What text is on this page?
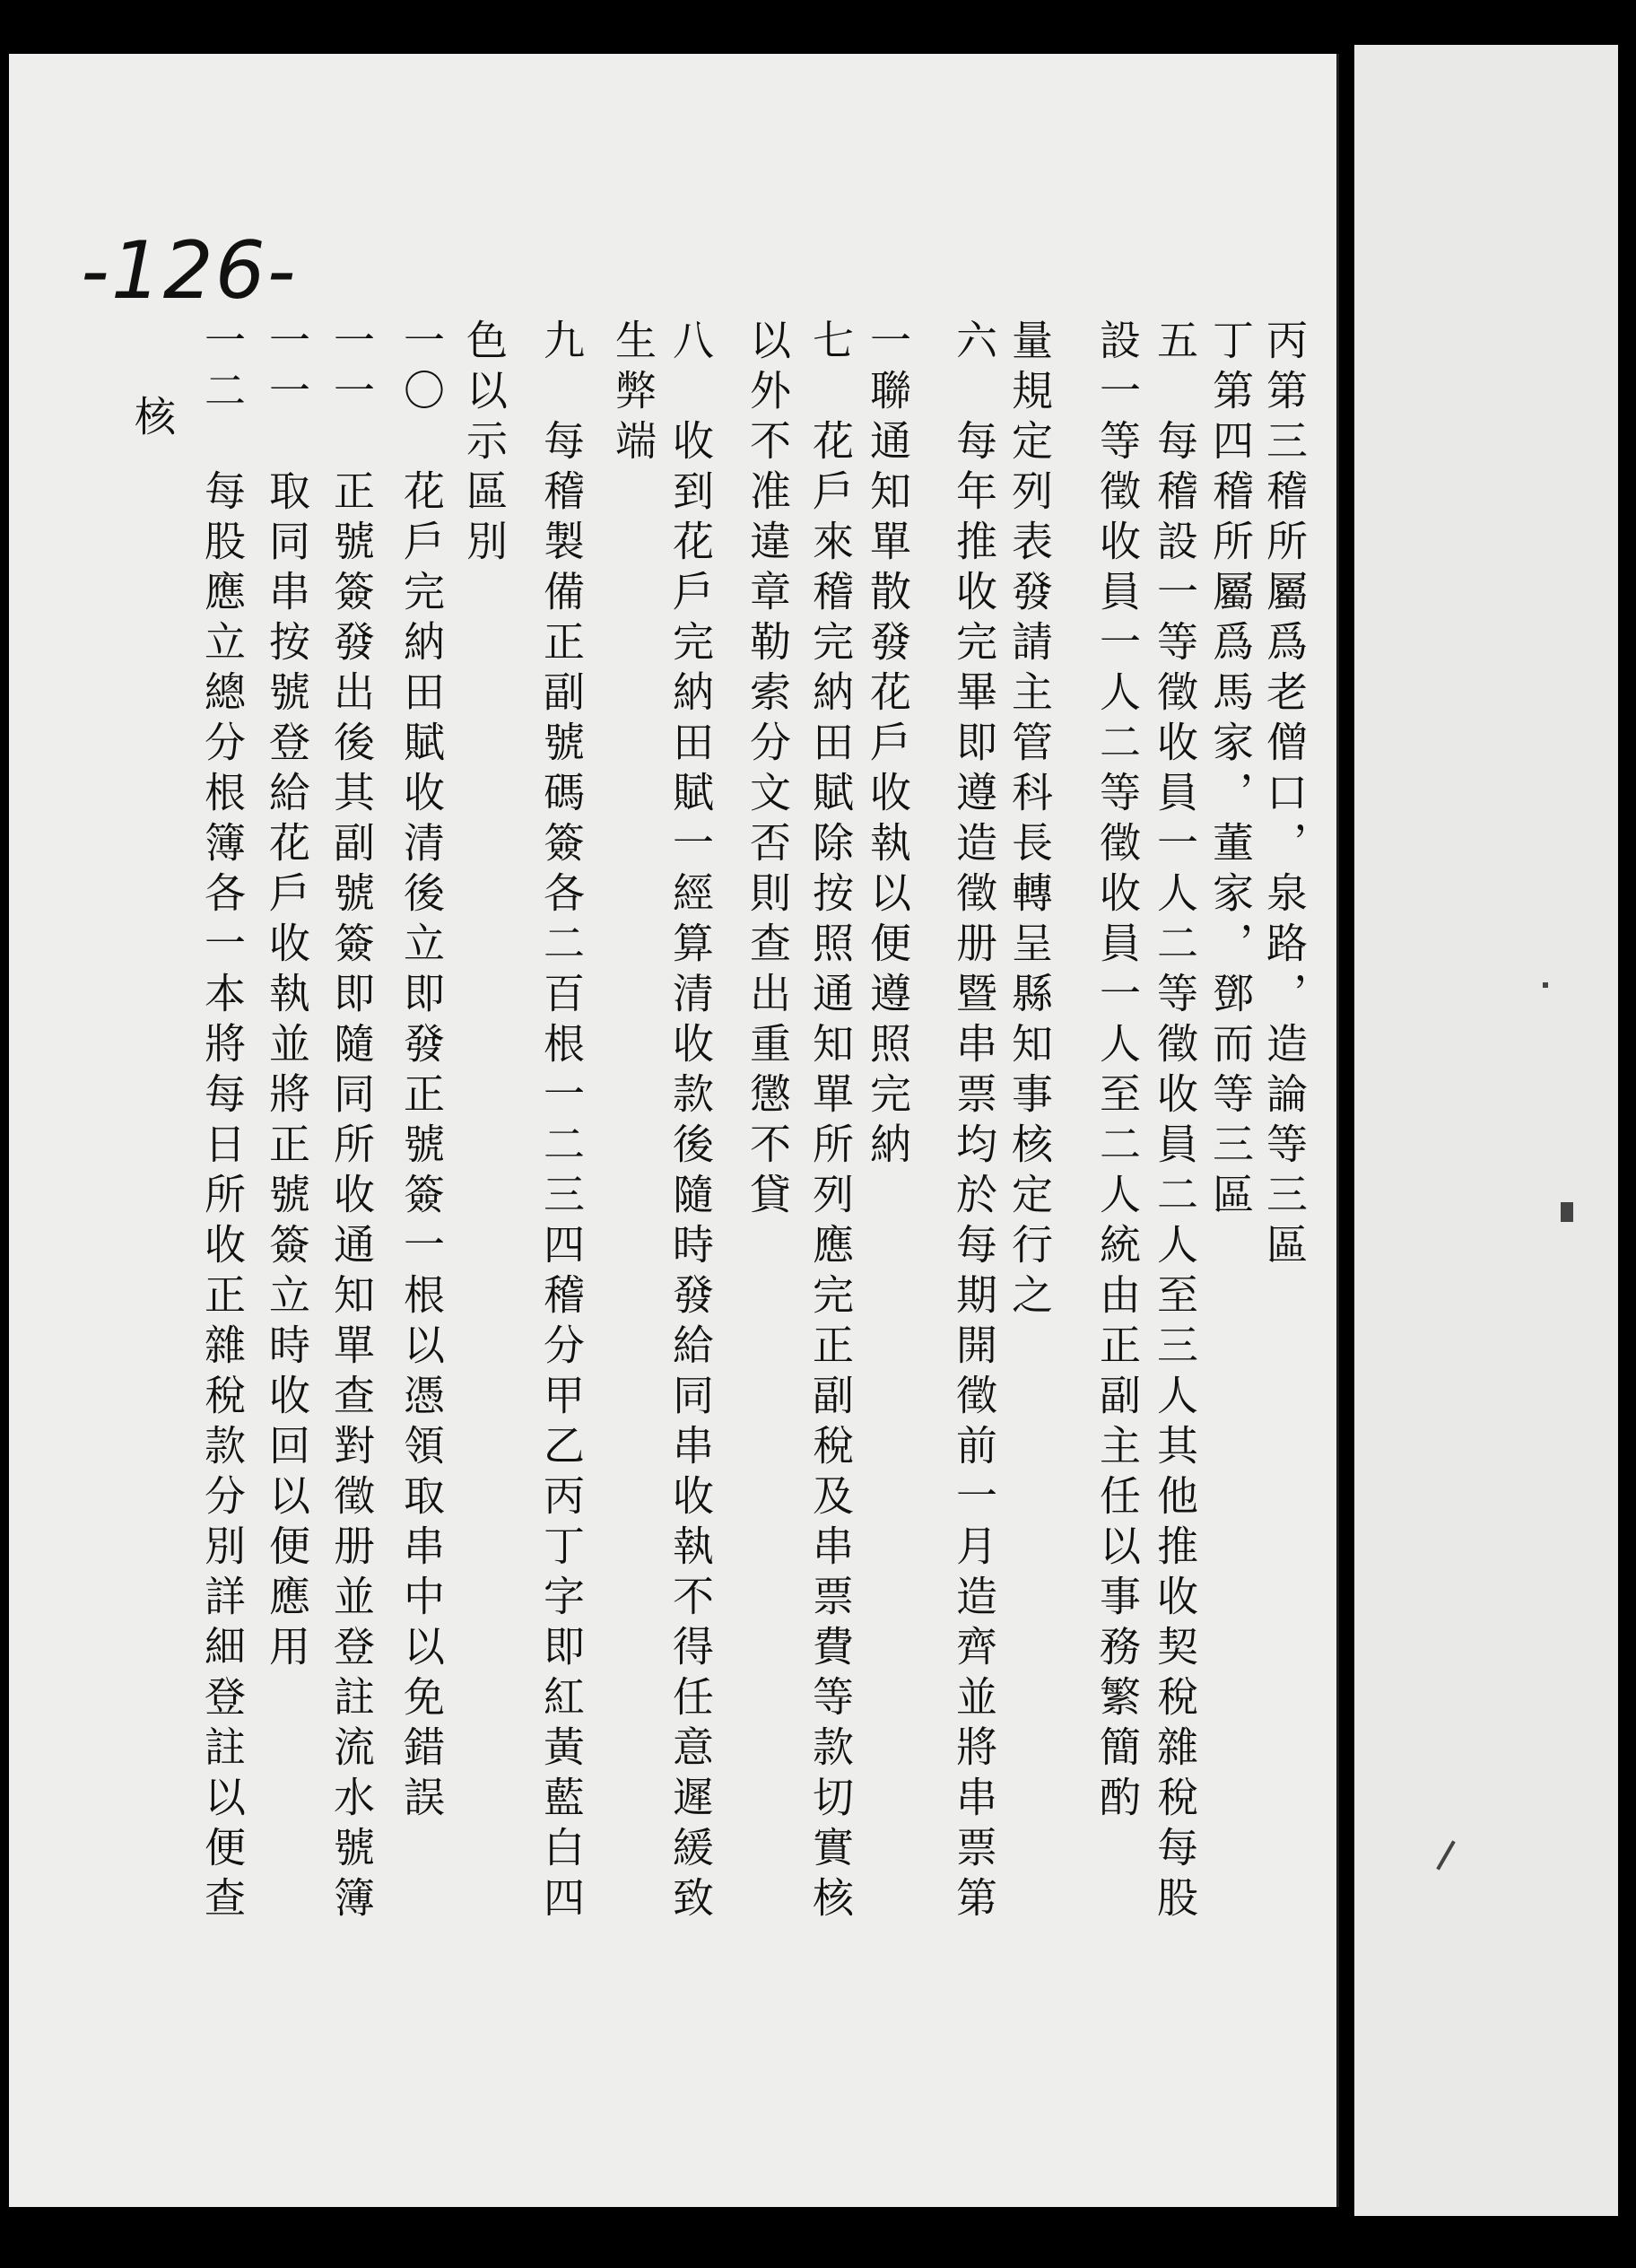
-126-
丙第三稽所屬爲老僧口，泉路，造論等三區
丁第四稽所屬爲馬家，董家，鄧而等三區
五　每稽設一等徵收員一人二等徵收員二人至三人其他推收契稅雜稅每股
設一等徵收員一人二等徵收員一人至二人統由正副主任以事務繁簡酌
量規定列表發請主管科長轉呈縣知事核定行之
六　每年推收完畢即遵造徵册暨串票均於每期開徵前一月造齊並將串票第
一聯通知單散發花戶收執以便遵照完納
七　花戶來稽完納田賦除按照通知單所列應完正副稅及串票費等款切實核
以外不准違章勒索分文否則查出重懲不貸
八　收到花戶完納田賦一經算清收款後隨時發給同串收執不得任意遲緩致
生弊端
九　每稽製備正副號碼簽各二百根一二三四稽分甲乙丙丁字即紅黃藍白四
色以示區別
一〇　花戶完納田賦收清後立即發正號簽一根以憑領取串中以免錯誤
一一　正號簽發出後其副號簽即隨同所收通知單查對徵册並登註流水號簿
一一　取同串按號登給花戶收執並將正號簽立時收回以便應用
一二　每股應立總分根簿各一本將每日所收正雜稅款分別詳細登註以便查
核
